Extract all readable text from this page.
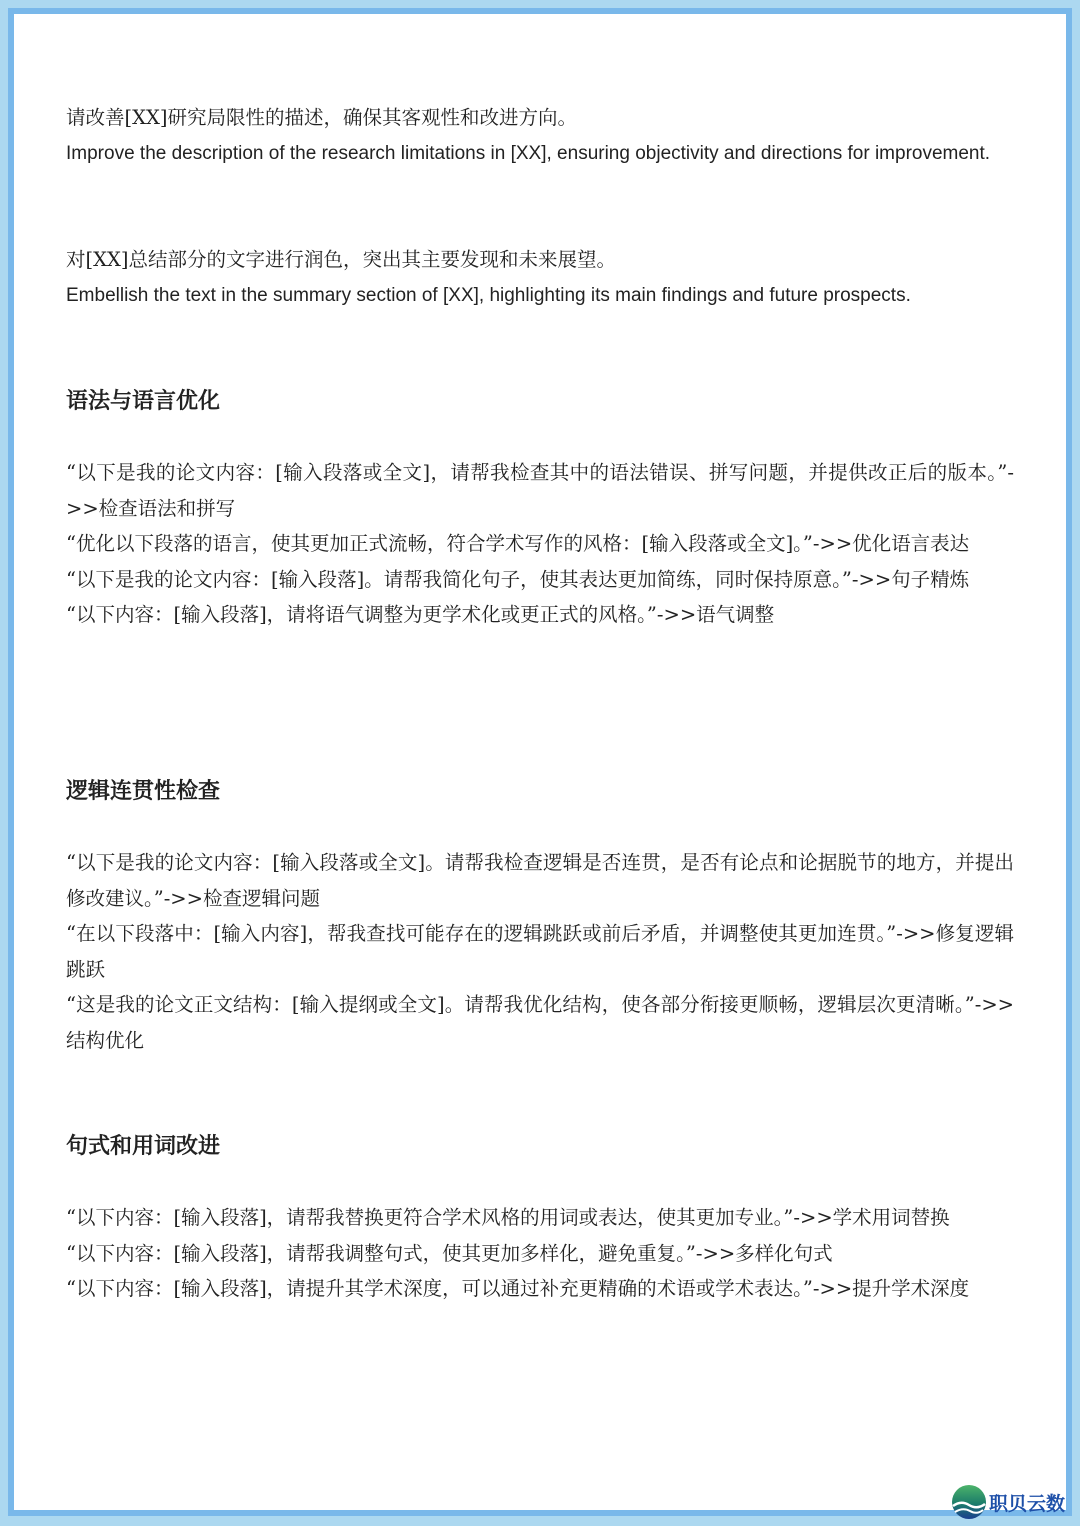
请改善[XX]研究局限性的描述，确保其客观性和改进方向。

Improve the description of the research limitations in [XX], ensuring objectivity and directions for improvement.

对[XX]总结部分的文字进行润色，突出其主要发现和未来展望。

Embellish the text in the summary section of [XX], highlighting its main findings and future prospects.

语法与语言优化

“以下是我的论文内容：[输入段落或全文]，请帮我检查其中的语法错误、拼写问题，并提供改正后的版本。”->>检查语法和拼写

“优化以下段落的语言，使其更加正式流畅，符合学术写作的风格：[输入段落或全文]。”->>优化语言表达

“以下是我的论文内容：[输入段落]。请帮我简化句子，使其表达更加简练，同时保持原意。”->>句子精炼

“以下内容：[输入段落]，请将语气调整为更学术化或更正式的风格。”->>语气调整

逻辑连贯性检查

“以下是我的论文内容：[输入段落或全文]。请帮我检查逻辑是否连贯，是否有论点和论据脱节的地方，并提出修改建议。”->>检查逻辑问题

“在以下段落中：[输入内容]，帮我查找可能存在的逻辑跳跃或前后矛盾，并调整使其更加连贯。”->>修复逻辑跳跃

“这是我的论文正文结构：[输入提纲或全文]。请帮我优化结构，使各部分衔接更顺畅，逻辑层次更清晰。”->>结构优化

句式和用词改进

“以下内容：[输入段落]，请帮我替换更符合学术风格的用词或表达，使其更加专业。”->>学术用词替换

“以下内容：[输入段落]，请帮我调整句式，使其更加多样化，避免重复。”->>多样化句式

“以下内容：[输入段落]，请提升其学术深度，可以通过补充更精确的术语或学术表达。”->>提升学术深度

职贝云数
